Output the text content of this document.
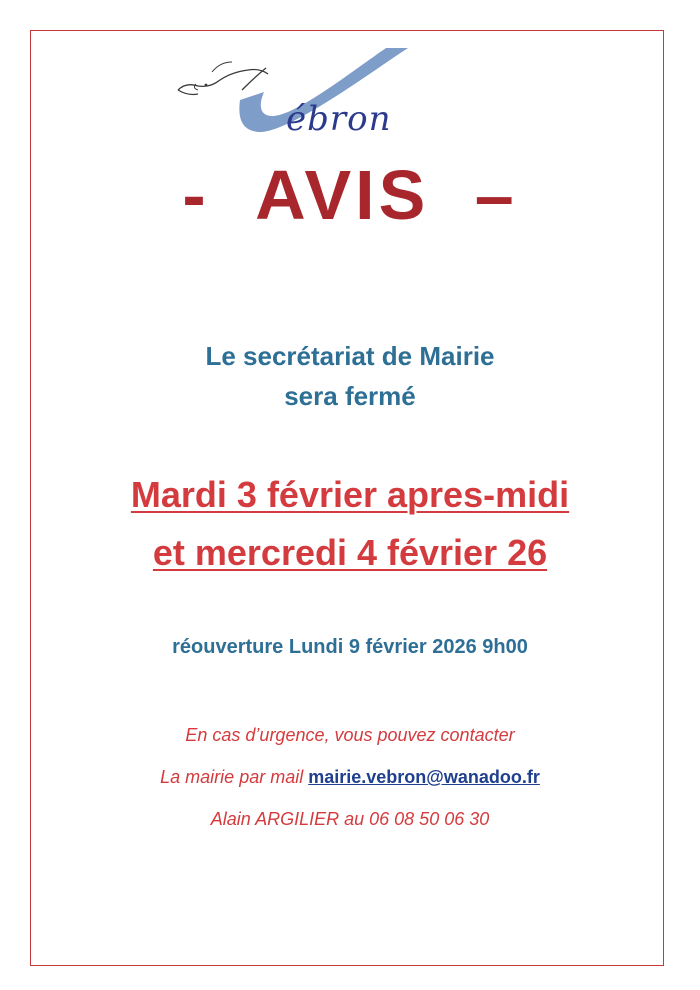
ébron
- AVIS –
Le secrétariat de Mairie
sera fermé
Mardi 3 février apres-midi
et mercredi 4 février 26
réouverture Lundi 9 février 2026 9h00
En cas d’urgence, vous pouvez contacter
La mairie par mail mairie.vebron@wanadoo.fr
Alain ARGILIER au 06 08 50 06 30
